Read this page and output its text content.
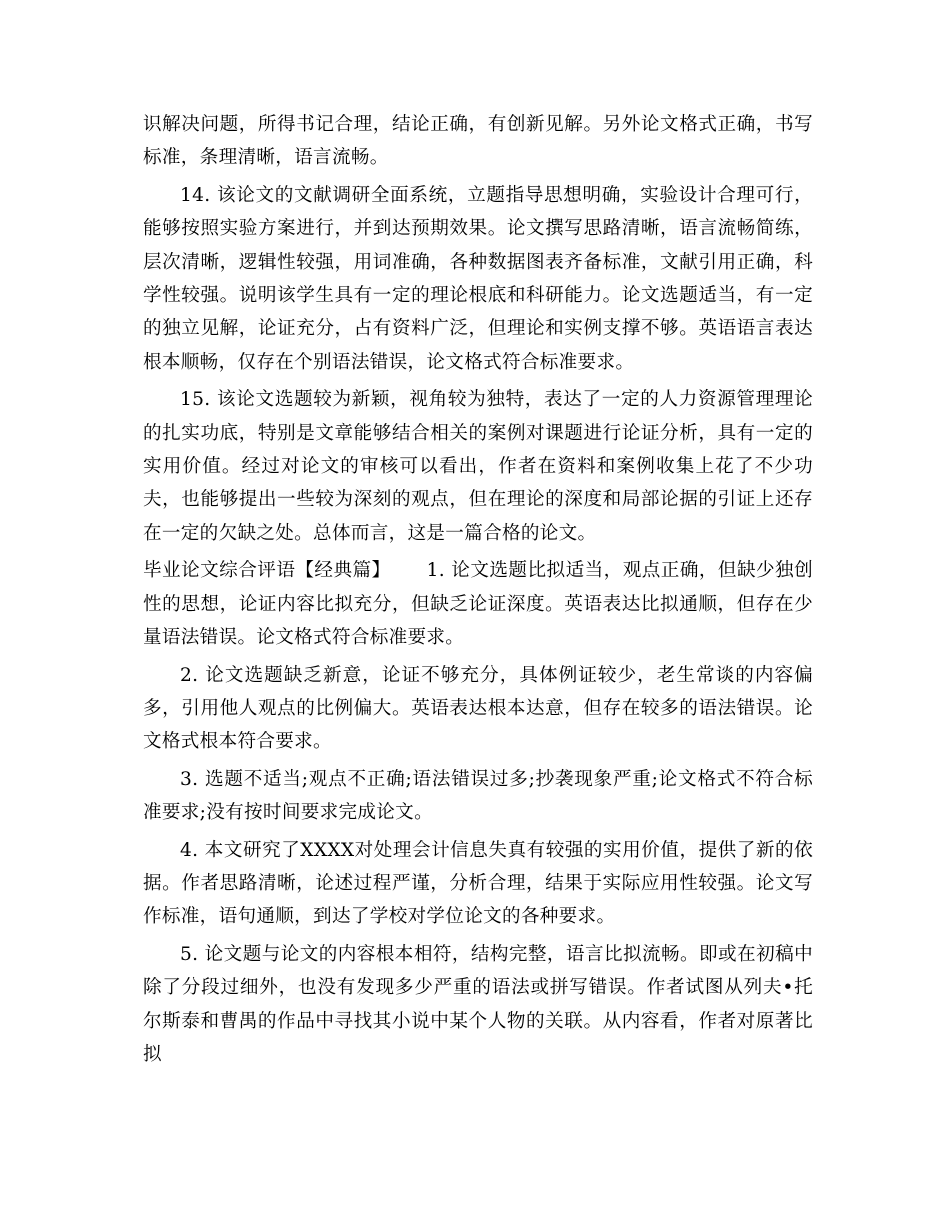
识解决问题，所得书记合理，结论正确，有创新见解。另外论文格式正确，书写标准，条理清晰，语言流畅。

14. 该论文的文献调研全面系统，立题指导思想明确，实验设计合理可行，能够按照实验方案进行，并到达预期效果。论文撰写思路清晰，语言流畅简练，层次清晰，逻辑性较强，用词准确，各种数据图表齐备标准，文献引用正确，科学性较强。说明该学生具有一定的理论根底和科研能力。论文选题适当，有一定的独立见解，论证充分，占有资料广泛，但理论和实例支撑不够。英语语言表达根本顺畅，仅存在个别语法错误，论文格式符合标准要求。

15. 该论文选题较为新颖，视角较为独特，表达了一定的人力资源管理理论的扎实功底，特别是文章能够结合相关的案例对课题进行论证分析，具有一定的实用价值。经过对论文的审核可以看出，作者在资料和案例收集上花了不少功夫，也能够提出一些较为深刻的观点，但在理论的深度和局部论据的引证上还存在一定的欠缺之处。总体而言，这是一篇合格的论文。

毕业论文综合评语【经典篇】 1. 论文选题比拟适当，观点正确，但缺少独创性的思想，论证内容比拟充分，但缺乏论证深度。英语表达比拟通顺，但存在少量语法错误。论文格式符合标准要求。

2. 论文选题缺乏新意，论证不够充分，具体例证较少，老生常谈的内容偏多，引用他人观点的比例偏大。英语表达根本达意，但存在较多的语法错误。论文格式根本符合要求。

3. 选题不适当;观点不正确;语法错误过多;抄袭现象严重;论文格式不符合标准要求;没有按时间要求完成论文。

4. 本文研究了XXXX对处理会计信息失真有较强的实用价值，提供了新的依据。作者思路清晰，论述过程严谨，分析合理，结果于实际应用性较强。论文写作标准，语句通顺，到达了学校对学位论文的各种要求。

5. 论文题与论文的内容根本相符，结构完整，语言比拟流畅。即或在初稿中除了分段过细外，也没有发现多少严重的语法或拼写错误。作者试图从列夫•托尔斯泰和曹禺的作品中寻找其小说中某个人物的关联。从内容看，作者对原著比拟
